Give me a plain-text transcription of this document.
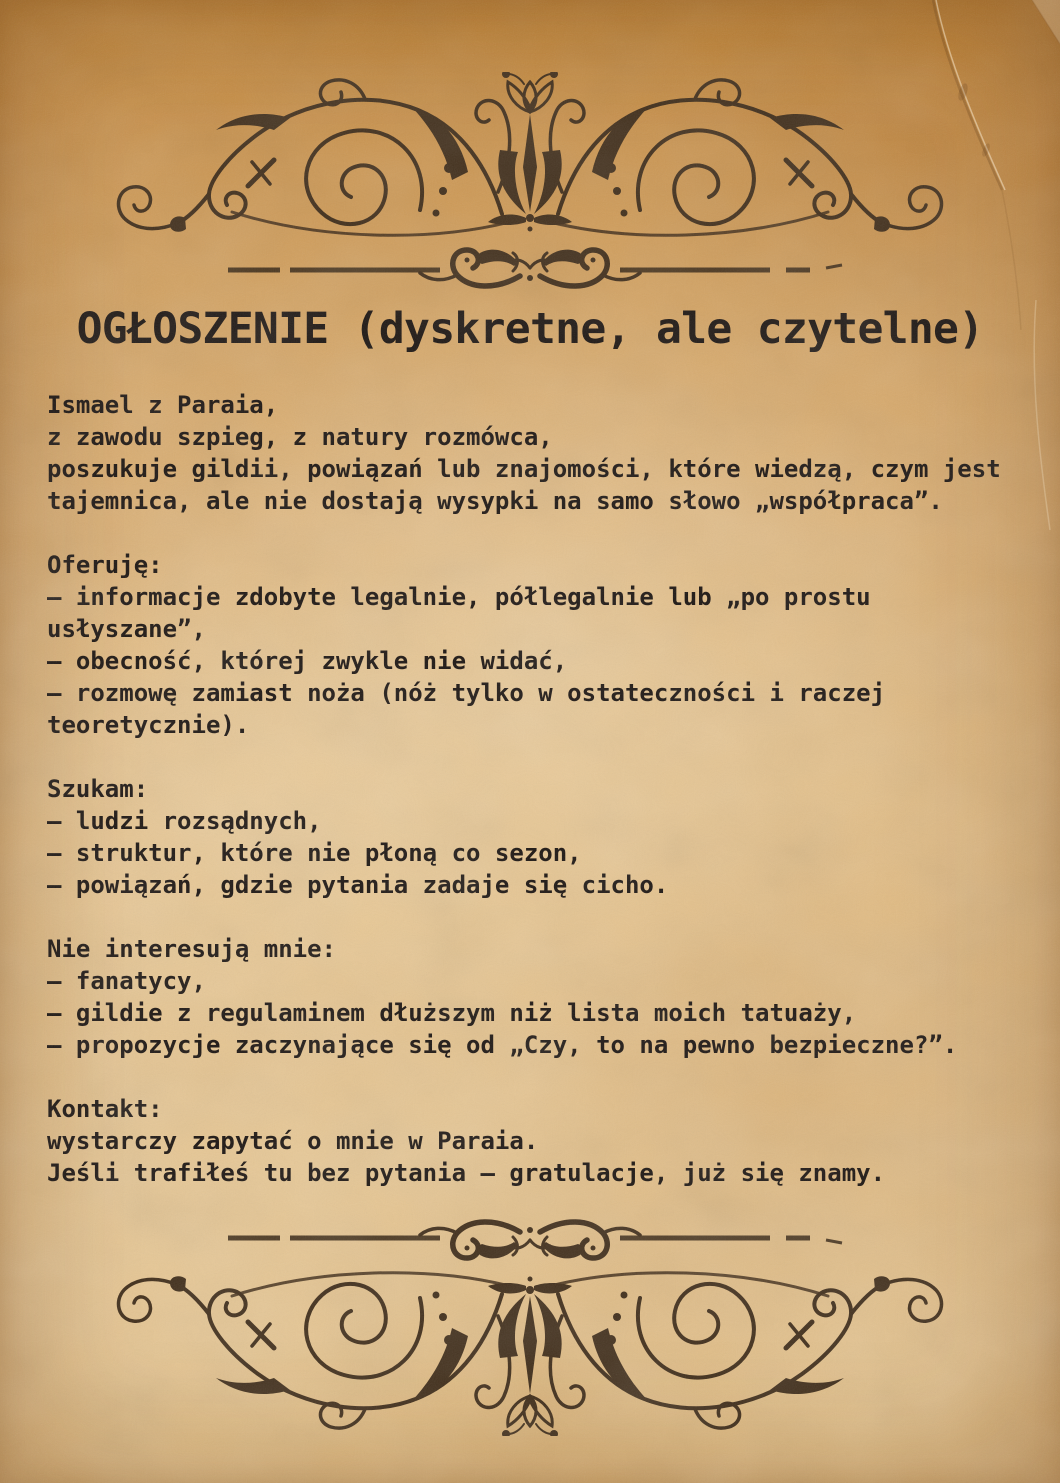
OGŁOSZENIE (dyskretne, ale czytelne)
Ismael z Paraia,
z zawodu szpieg, z natury rozmówca,
poszukuje gildii, powiązań lub znajomości, które wiedzą, czym jest tajemnica, ale nie dostają wysypki na samo słowo „współpraca”.
Oferuję:
– informacje zdobyte legalnie, półlegalnie lub „po prostu usłyszane”,
– obecność, której zwykle nie widać,
– rozmowę zamiast noża (nóż tylko w ostateczności i raczej teoretycznie).
Szukam:
– ludzi rozsądnych,
– struktur, które nie płoną co sezon,
– powiązań, gdzie pytania zadaje się cicho.
Nie interesują mnie:
– fanatycy,
– gildie z regulaminem dłuższym niż lista moich tatuaży,
– propozycje zaczynające się od „Czy, to na pewno bezpieczne?”.
Kontakt:
wystarczy zapytać o mnie w Paraia.
Jeśli trafiłeś tu bez pytania — gratulacje, już się znamy.
